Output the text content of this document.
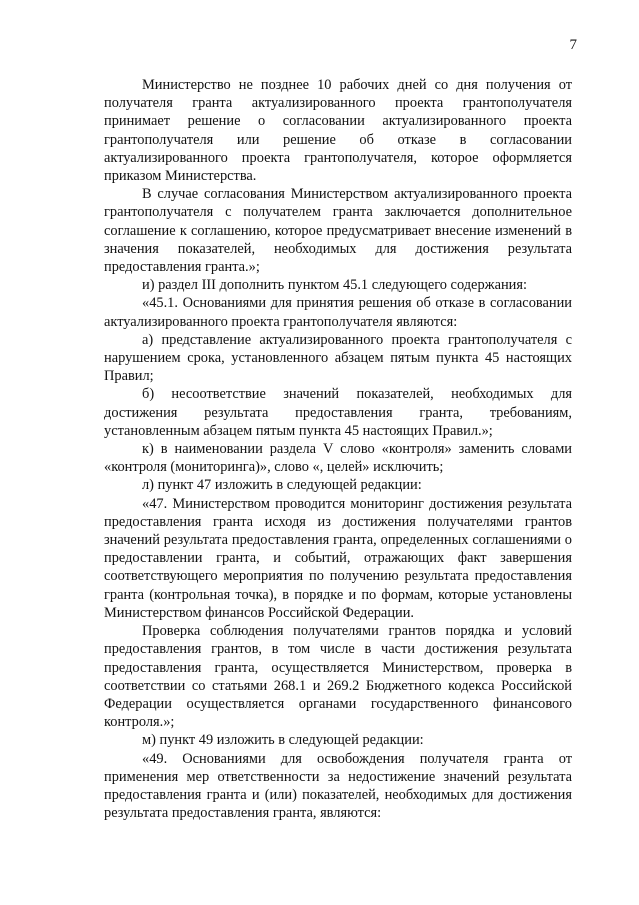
7

Министерство не позднее 10 рабочих дней со дня получения от получателя гранта актуализированного проекта грантополучателя принимает решение о согласовании актуализированного проекта грантополучателя или решение об отказе в согласовании актуализированного проекта грантополучателя, которое оформляется приказом Министерства.

В случае согласования Министерством актуализированного проекта грантополучателя с получателем гранта заключается дополнительное соглашение к соглашению, которое предусматривает внесение изменений в значения показателей, необходимых для достижения результата предоставления гранта.»;

и) раздел III дополнить пунктом 45.1 следующего содержания:

«45.1. Основаниями для принятия решения об отказе в согласовании актуализированного проекта грантополучателя являются:

а) представление актуализированного проекта грантополучателя с нарушением срока, установленного абзацем пятым пункта 45 настоящих Правил;

б) несоответствие значений показателей, необходимых для достижения результата предоставления гранта, требованиям, установленным абзацем пятым пункта 45 настоящих Правил.»;

к) в наименовании раздела V слово «контроля» заменить словами «контроля (мониторинга)», слово «, целей» исключить;

л) пункт 47 изложить в следующей редакции:

«47. Министерством проводится мониторинг достижения результата предоставления гранта исходя из достижения получателями грантов значений результата предоставления гранта, определенных соглашениями о предоставлении гранта, и событий, отражающих факт завершения соответствующего мероприятия по получению результата предоставления гранта (контрольная точка), в порядке и по формам, которые установлены Министерством финансов Российской Федерации.

Проверка соблюдения получателями грантов порядка и условий предоставления грантов, в том числе в части достижения результата предоставления гранта, осуществляется Министерством, проверка в соответствии со статьями 268.1 и 269.2 Бюджетного кодекса Российской Федерации осуществляется органами государственного финансового контроля.»;

м) пункт 49 изложить в следующей редакции:

«49. Основаниями для освобождения получателя гранта от применения мер ответственности за недостижение значений результата предоставления гранта и (или) показателей, необходимых для достижения результата предоставления гранта, являются:
